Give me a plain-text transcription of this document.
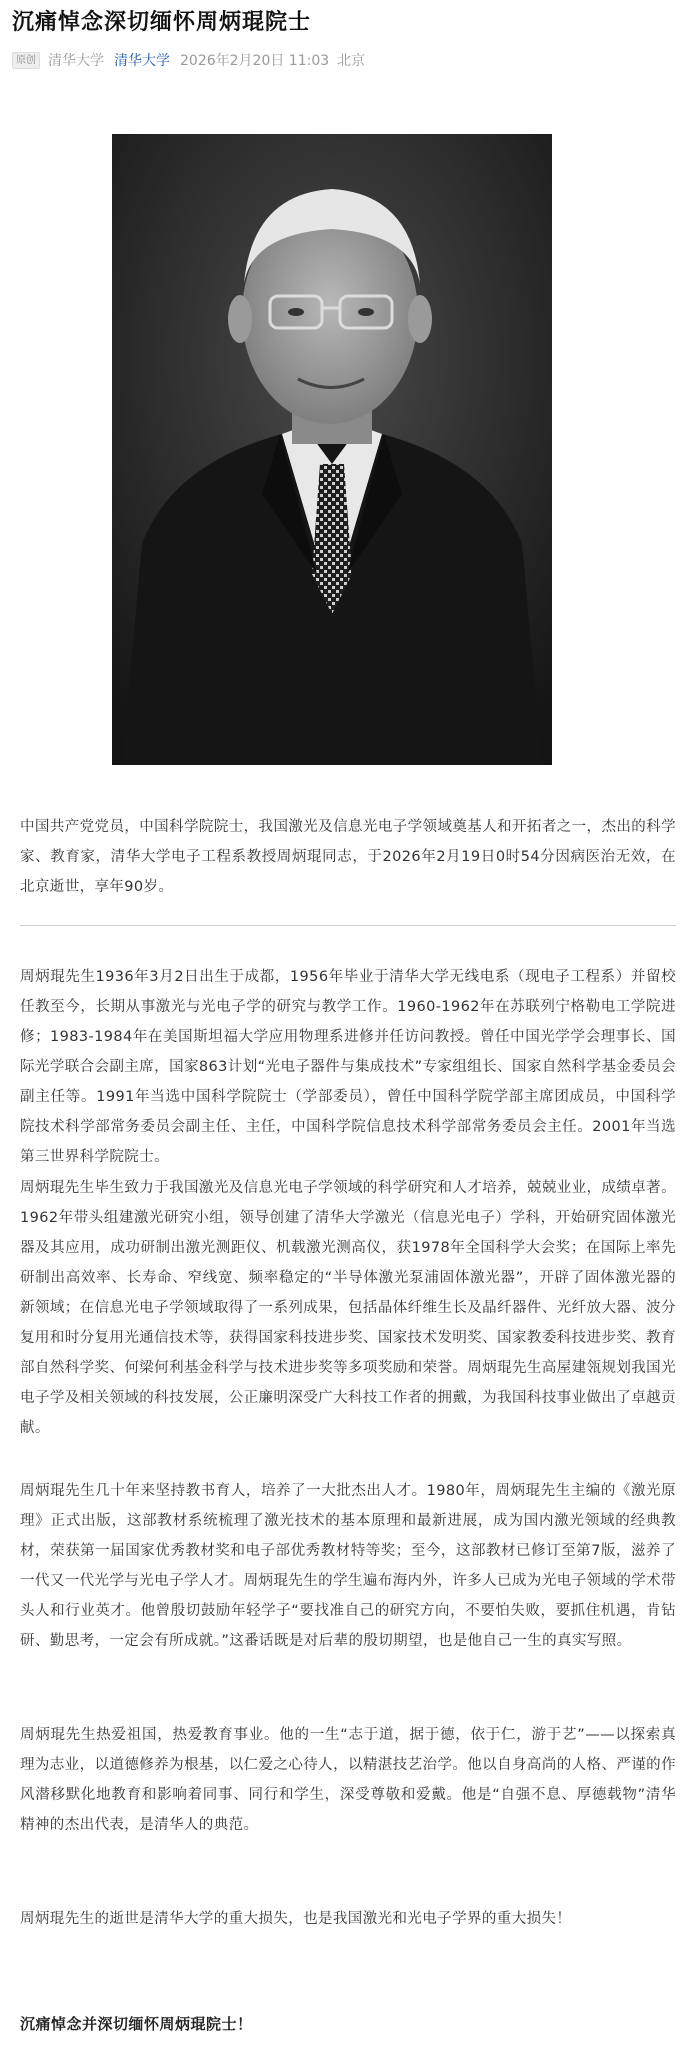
沉痛悼念深切缅怀周炳琨院士
原创 清华大学 清华大学 2026年2月20日 11:03 北京

中国共产党党员，中国科学院院士，我国激光及信息光电子学领域奠基人和开拓者之一，杰出的科学家、教育家，清华大学电子工程系教授周炳琨同志，于2026年2月19日0时54分因病医治无效，在北京逝世，享年90岁。

周炳琨先生1936年3月2日出生于成都，1956年毕业于清华大学无线电系（现电子工程系）并留校任教至今，长期从事激光与光电子学的研究与教学工作。1960-1962年在苏联列宁格勒电工学院进修；1983-1984年在美国斯坦福大学应用物理系进修并任访问教授。曾任中国光学学会理事长、国际光学联合会副主席，国家863计划“光电子器件与集成技术”专家组组长、国家自然科学基金委员会副主任等。1991年当选中国科学院院士（学部委员），曾任中国科学院学部主席团成员，中国科学院技术科学部常务委员会副主任、主任，中国科学院信息技术科学部常务委员会主任。2001年当选第三世界科学院院士。

周炳琨先生毕生致力于我国激光及信息光电子学领域的科学研究和人才培养，兢兢业业，成绩卓著。1962年带头组建激光研究小组，领导创建了清华大学激光（信息光电子）学科，开始研究固体激光器及其应用，成功研制出激光测距仪、机载激光测高仪，获1978年全国科学大会奖；在国际上率先研制出高效率、长寿命、窄线宽、频率稳定的“半导体激光泵浦固体激光器”，开辟了固体激光器的新领域；在信息光电子学领域取得了一系列成果，包括晶体纤维生长及晶纤器件、光纤放大器、波分复用和时分复用光通信技术等，获得国家科技进步奖、国家技术发明奖、国家教委科技进步奖、教育部自然科学奖、何梁何利基金科学与技术进步奖等多项奖励和荣誉。周炳琨先生高屋建瓴规划我国光电子学及相关领域的科技发展，公正廉明深受广大科技工作者的拥戴，为我国科技事业做出了卓越贡献。

周炳琨先生几十年来坚持教书育人，培养了一大批杰出人才。1980年，周炳琨先生主编的《激光原理》正式出版，这部教材系统梳理了激光技术的基本原理和最新进展，成为国内激光领域的经典教材，荣获第一届国家优秀教材奖和电子部优秀教材特等奖；至今，这部教材已修订至第7版，滋养了一代又一代光学与光电子学人才。周炳琨先生的学生遍布海内外，许多人已成为光电子领域的学术带头人和行业英才。他曾殷切鼓励年轻学子“要找准自己的研究方向，不要怕失败，要抓住机遇，肯钻研、勤思考，一定会有所成就。”这番话既是对后辈的殷切期望，也是他自己一生的真实写照。

周炳琨先生热爱祖国，热爱教育事业。他的一生“志于道，据于德，依于仁，游于艺”——以探索真理为志业，以道德修养为根基，以仁爱之心待人，以精湛技艺治学。他以自身高尚的人格、严谨的作风潜移默化地教育和影响着同事、同行和学生，深受尊敬和爱戴。他是“自强不息、厚德载物”清华精神的杰出代表，是清华人的典范。

周炳琨先生的逝世是清华大学的重大损失，也是我国激光和光电子学界的重大损失！

沉痛悼念并深切缅怀周炳琨院士！
